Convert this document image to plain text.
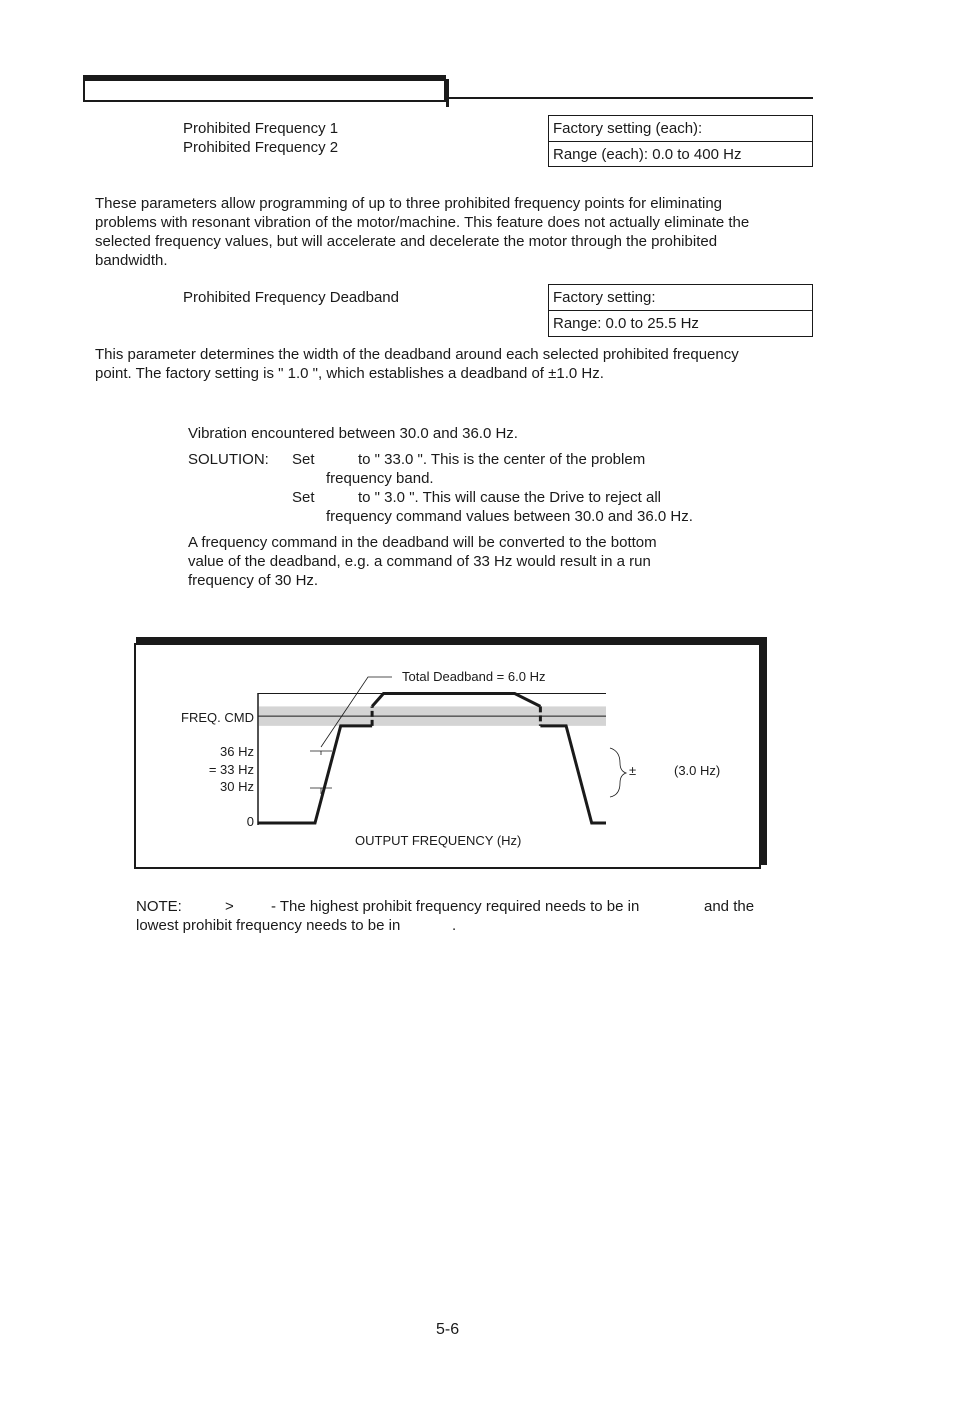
Prohibited Frequency 1
Prohibited Frequency 2
Factory setting (each):
Range (each): 0.0 to 400 Hz
These parameters allow programming of up to three prohibited frequency points for eliminating
problems with resonant vibration of the motor/machine. This feature does not actually eliminate the
selected frequency values, but will accelerate and decelerate the motor through the prohibited
bandwidth.
Prohibited Frequency Deadband	Factory setting:
Range: 0.0 to 25.5 Hz
This parameter determines the width of the deadband around each selected prohibited frequency
point. The factory setting is " 1.0 ", which establishes a deadband of ±1.0 Hz.
Vibration encountered between 30.0 and 36.0 Hz.
SOLUTION: Set	to " 33.0 ". This is the center of the problem
frequency band.
Set	to " 3.0 ". This will cause the Drive to reject all
frequency command values between 30.0 and 36.0 Hz.
A frequency command in the deadband will be converted to the bottom
value of the deadband, e.g. a command of 33 Hz would result in a run
frequency of 30 Hz.
Total Deadband = 6.0 Hz
FREQ. CMD
36 Hz
= 33 Hz
30 Hz
0
±	(3.0 Hz)
OUTPUT FREQUENCY (Hz)
NOTE:	> - The highest prohibit frequency required needs to be in	and the
lowest prohibit frequency needs to be in	.
5-6
